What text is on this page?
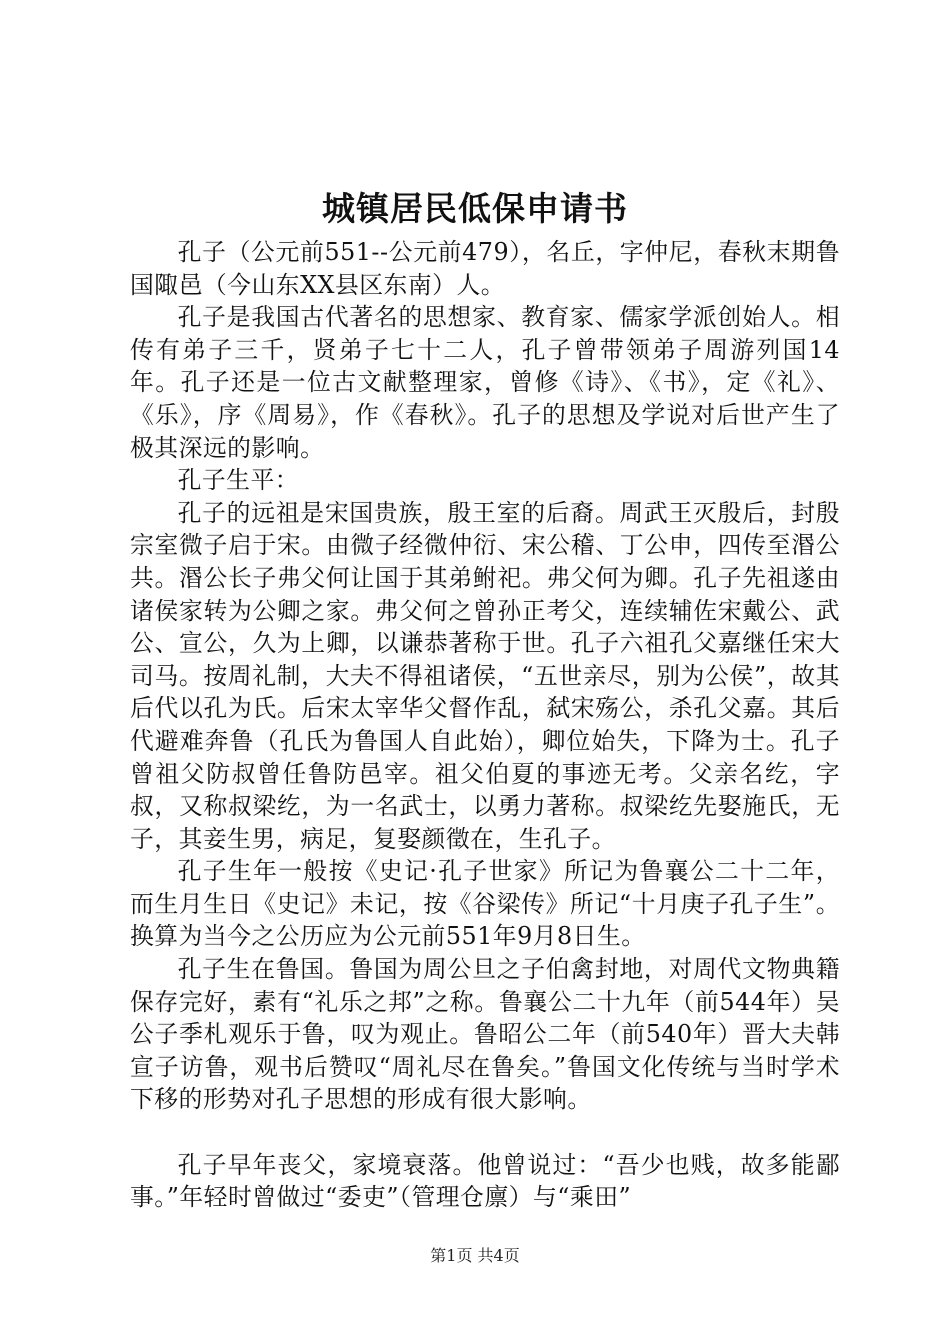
城镇居民低保申请书

孔子（公元前551--公元前479），名丘，字仲尼，春秋末期鲁国陬邑（今山东XX县区东南）人。

孔子是我国古代著名的思想家、教育家、儒家学派创始人。相传有弟子三千，贤弟子七十二人，孔子曾带领弟子周游列国14年。孔子还是一位古文献整理家，曾修《诗》、《书》，定《礼》、《乐》，序《周易》，作《春秋》。孔子的思想及学说对后世产生了极其深远的影响。

孔子生平：

孔子的远祖是宋国贵族，殷王室的后裔。周武王灭殷后，封殷宗室微子启于宋。由微子经微仲衍、宋公稽、丁公申，四传至湣公共。湣公长子弗父何让国于其弟鲋祀。弗父何为卿。孔子先祖遂由诸侯家转为公卿之家。弗父何之曾孙正考父，连续辅佐宋戴公、武公、宣公，久为上卿，以谦恭著称于世。孔子六祖孔父嘉继任宋大司马。按周礼制，大夫不得祖诸侯，“五世亲尽，别为公侯”，故其后代以孔为氏。后宋太宰华父督作乱，弑宋殇公，杀孔父嘉。其后代避难奔鲁（孔氏为鲁国人自此始），卿位始失，下降为士。孔子曾祖父防叔曾任鲁防邑宰。祖父伯夏的事迹无考。父亲名纥，字叔，又称叔梁纥，为一名武士，以勇力著称。叔梁纥先娶施氏，无子，其妾生男，病足，复娶颜徵在，生孔子。

孔子生年一般按《史记·孔子世家》所记为鲁襄公二十二年，而生月生日《史记》未记，按《谷梁传》所记“十月庚子孔子生”。换算为当今之公历应为公元前551年9月8日生。

孔子生在鲁国。鲁国为周公旦之子伯禽封地，对周代文物典籍保存完好，素有“礼乐之邦”之称。鲁襄公二十九年（前544年）吴公子季札观乐于鲁，叹为观止。鲁昭公二年（前540年）晋大夫韩宣子访鲁，观书后赞叹“周礼尽在鲁矣。”鲁国文化传统与当时学术下移的形势对孔子思想的形成有很大影响。

孔子早年丧父，家境衰落。他曾说过：“吾少也贱，故多能鄙事。”年轻时曾做过“委吏”（管理仓廪）与“乘田”

第1页 共4页
